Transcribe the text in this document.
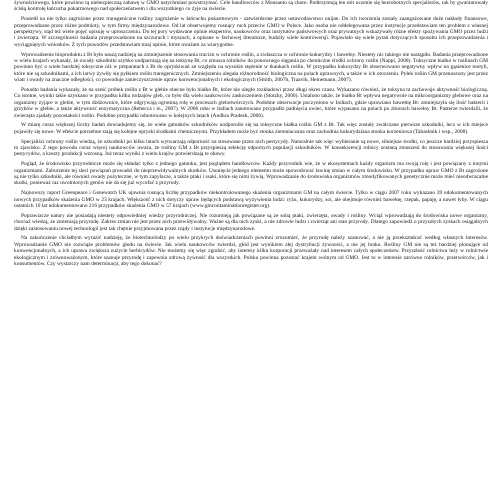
żywnościowego, które powinno tą niebezpieczną zabawę w GMO natychmiast powstrzymać. Cele handlowców z Monsanto są chore. Podtrzymują ten mit uczenie się bezrobotnych specjalistów, tak by gwarantowały ścisłą kontrolę łańcucha pokarmowego nad społeczeństwem i dla wszystkiego co żyje na świecie.

Poszedł na nie tylko zagrożone przez transgeniczne rośliny zagrożenie w łańcuchu pokarmowym - zatwierdzone przez ustawodawstwo unijne. Do ich tworzenia zostały zaangażowane duże nakłady finansowe, przeprowadzane przez różne podmioty, w tym firmy międzynarodowe. Od lat obserwujemy rosnący ruch przeciw GMO w Polsce. Jako osoba nie oddelegowana przez instytucje przedstawiam ten problem z własnej perspektywy, stąd też wiele pojęć opisuję w uproszczeniu. Do tej pory wydawane opinie ekspertów, naukowców oraz instytutów państwowych oraz prywatnych wskazywały różne efekty spożywania GMO przez ludzi i zwierzęta. W szczególności badania przeprowadzone na szczurach i myszach, a opisane w fachowej literaturze, budziły wiele kontrowersji. Pojawiało się wiele pytań dotyczących sposobu ich przeprowadzenia i wyciągniętych wniosków. Z tych powodów przedstawiam tutaj opinie, które uważam za wiarygodne.

Wprowadzenie bioproduktu z Bt było naszą nadzieją na zmniejszenie stosowania trucizn w ochronie roślin, a zwłaszcza w ochronie kukurydzy i bawełny. Niestety nic takiego nie nastąpiło. Badania przeprowadzone w wielu krajach wykazały, że owady szkodniki szybko uodparniają się na toksynę Bt, co zmusza rolników do ponownego sięgania po chemiczne środki ochrony roślin (Nappi, 2000). Toksyczne białko w roślinach GM powinno być o wiele bardziej toksyczne niż w preparatach z Bt do opryskiwań ze względu na wysokie stężenie w tkankach roślin. W przypadku kukurydzy Bt obserwowano negatywny wpływ na gąsienice motyli, które nie są szkodnikami, a ich larwy żywiły się pyłkiem roślin transgenicznych. Zmniejszeniu ulegała różnorodność biologiczna na polach uprawnych, a także w ich otoczeniu. Pyłek roślin GM przenoszony jest przez wiatr i owady na znaczne odległości, co powoduje zanieczyszczenie upraw konwencjonalnych i ekologicznych (Smith, 2007b, Traavik, Heinemann, 2007).

Ponadto badania wykazały, że na sześć próbek roślin z Bt w glebie obecne było białko Bt, które nie uległo rozkładowi przez długi okres czasu. Wykazano również, że toksyna ta zachowuje aktywność biologiczną. Co istotne, wyniki takie uzyskano w przypadku kilku rodzajów gleb, co było dla wielu naukowców zaskoczeniem (Stotzky, 2000). Ustalono także, że białko Bt wpływa negatywnie na mikroorganizmy glebowe oraz na organizmy żyjące w glebie, w tym dżdżownice, które odgrywają ogromną rolę w procesach glebotwórczych. Podobne obserwacje poczyniono w Indiach, gdzie uprawiano bawełnę Bt: zmniejszyła się ilość bakterii i grzybów w glebie, a także aktywność enzymatyczna (Rebecca i in., 2007). W 2006 roku w Indiach zanotowano przypadki padnięcia owiec, które wypasano na polach po zbiorach bawełny Bt. Pasterze twierdzili, że zwierzęta zjadały pozostałości roślin. Podobne przypadki odnotowano w kolejnych latach (Andhra Pradesh, 2006).

W miarę coraz większej liczby badań dowiadujemy się, że wiele gatunków szkodników uodporniło się na toksyczne białka roślin GM z Bt. Tak więc zostały zwalczane pierwsze szkodniki, lecz w ich miejsce pojawiły się nowe. W efekcie potrzebne stają się kolejne opryski środkami chemicznymi. Przykładem może być stonka ziemniaczana oraz zachodnia kukurydziana stonka korzeniowa (Tabashnik i wsp., 2008).

Specjaliści ochrony roślin wiedzą, że szkodniki po kilku latach wytwarzają odporność na stosowane przez nich pestycydy. Naturalnie tak więc wybieranie są nowe, silniejsze środki, co jeszcze bardziej przyspiesza to zjawisko. Z tego powodu coraz więcej naukowców uważa, że rośliny GM z Bt przyspieszą selekcję odpornych populacji szkodników. W konsekwencji rolnicy zostaną zmuszeni do stosowania większej ilości pestycydów, a koszty produkcji wzrosną. Już teraz wyniki z wielu krajów potwierdzają te obawy.

Pogląd, że środowisko przyrodnicze może się składać tylko z jednego gatunku, jest poglądem handlowców. Każdy przyrodnik wie, że w ekosystemach każdy organizm ma swoją rolę i jest powiązany z innymi organizmami. Zaburzenie tej sieci powiązań prowadzi do nieprzewidywalnych skutków. Usunięcie jednego elementu może spowodować lawinę zmian w całym środowisku. W przypadku upraw GMO z Bt zagrożone są nie tylko szkodniki, ale również owady pożyteczne, w tym zapylacze, a także ptaki i ssaki, które się nimi żywią. Wprowadzanie do środowiska organizmów zmodyfikowanych genetycznie może mieć nieodwracalne skutki, ponieważ raz uwolnionych genów nie da się już wycofać z przyrody.

Najnowszy raport Greenpeace i Genewatch UK ujawnia rosnącą liczbę przypadków niekontrolowanego skażenia organizmami GM na całym świecie. Tylko w ciągu 2007 roku wykazano 39 udokumentowanych nowych przypadków skażenia GMO w 23 krajach. Większość z nich dotyczy upraw będących podstawą wyżywienia ludzi: ryżu, kukurydzy, soi, ale obejmuje również bawełnę, rzepak, papaję, a nawet łyby. W ciągu ostatnich 10 lat udokumentowano 216 przypadków skażenia GMO w 57 krajach (www.gmcontaminationregister.org).

Poprawiacze natury nie posiadają niestety odpowiedniej wiedzy przyrodniczej. Nie rozumieją jak powiązane są ze sobą ptaki, zwierzęta, owady i rośliny. Wciąż wprowadzają do środowiska nowe organizmy, chociaż wiedzą, że zmieniają przyrodę. Zakres zmian nie jest przez nich przewidywalny. Ważne są dla nich zyski, a nie zdrowie ludzi i zwierząt ani stan przyrody. Dlatego zapowiedź o przyszłych zyskach osiągalnych dzięki zastosowaniu nowej technologii jest tak chętnie przyjmowana przez rządy i instytucje międzynarodowe.

Na zakończenie chciałbym wyrazić nadzieję, że biotechnolodzy po wielu przykrych doświadczeniach powinni zrozumieć, że przyrodę należy szanować, a nie ją przekształcać według własnych interesów. Wprowadzanie GMO nie rozwiąże problemów głodu na świecie. Jak wielu naukowców twierdzi, głód jest wynikiem złej dystrybucji żywności, a nie jej braku. Rośliny GM nie są też bardziej plonujące od konwencjonalnych, a ich uprawa zwiększa zużycie herbicydów. Nie możemy się więc zgodzić, aby interesy kilku korporacji przeważały nad interesem całych społeczeństw. Przyszłość rolnictwa leży w rolnictwie ekologicznym i zrównoważonym, które szanuje przyrodę i zapewnia zdrową żywność dla wszystkich. Polska powinna pozostać krajem wolnym od GMO. Jest to w interesie zarówno rolników, przetwórców, jak i konsumentów. Czy wystarczy nam determinacji, aby tego dokonać?
